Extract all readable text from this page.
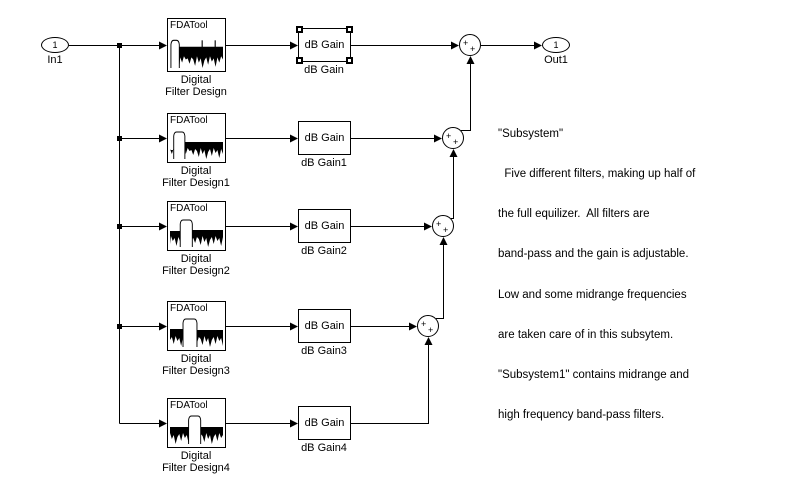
1
In1
1
Out1
FDATool
Digital
Filter Design
FDATool
Digital
Filter Design1
FDATool
Digital
Filter Design2
FDATool
Digital
Filter Design3
FDATool
Digital
Filter Design4
dB Gain
dB Gain
dB Gain
dB Gain1
dB Gain
dB Gain2
dB Gain
dB Gain3
dB Gain
dB Gain4
+
+
+
+
+
+
+
+

"Subsystem"

Five different filters, making up half of

the full equilizer.  All filters are

band-pass and the gain is adjustable.

Low and some midrange frequencies

are taken care of in this subsytem.

"Subsystem1" contains midrange and

high frequency band-pass filters.
